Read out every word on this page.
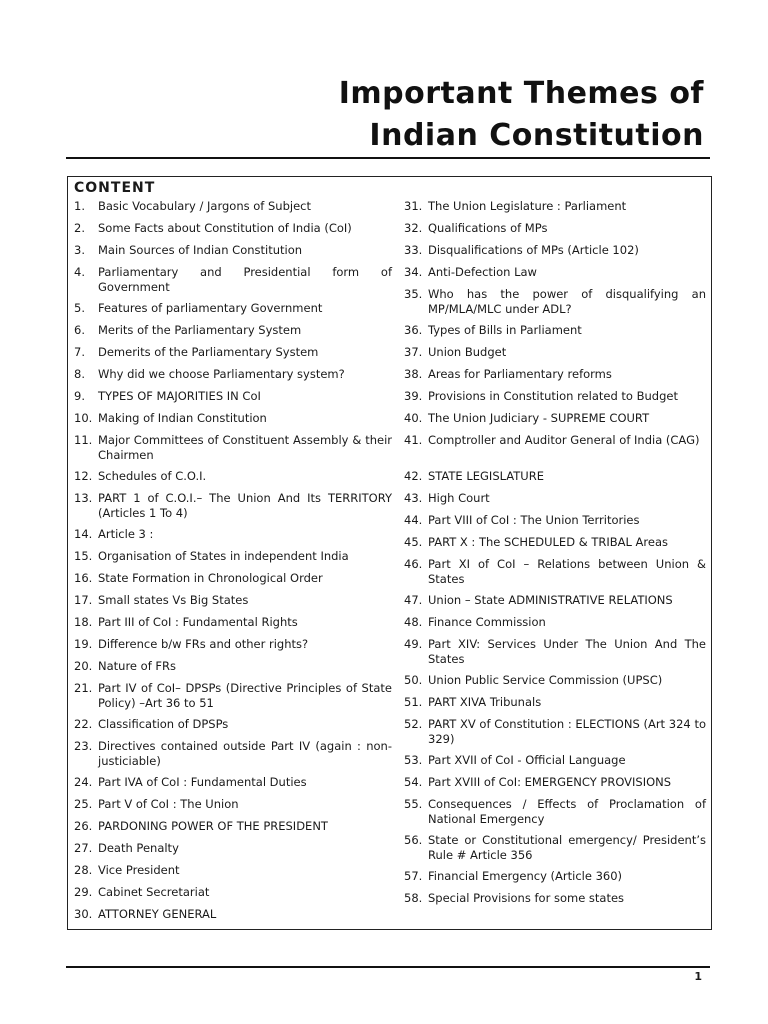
Important Themes of
Indian Constitution
CONTENT
1.	Basic Vocabulary / Jargons of Subject
2.	Some Facts about Constitution of India (CoI)
3.	Main Sources of Indian Constitution
4.	Parliamentary and Presidential form of Government
5.	Features of parliamentary Government
6.	Merits of the Parliamentary System
7.	Demerits of the Parliamentary System
8.	Why did we choose Parliamentary system?
9.	TYPES OF MAJORITIES IN CoI
10. Making of Indian Constitution
11. Major Committees of Constituent Assembly & their Chairmen
12. Schedules of C.O.I.
13. PART 1 of C.O.I.– The Union And Its TERRITORY (Articles 1 To 4)
14. Article 3 :
15. Organisation of States in independent India
16. State Formation in Chronological Order
17. Small states Vs Big States
18. Part III of CoI : Fundamental Rights
19. Difference b/w FRs and other rights?
20. Nature of FRs
21. Part IV of CoI– DPSPs (Directive Principles of State Policy) –Art 36 to 51
22. Classification of DPSPs
23. Directives contained outside Part IV (again : non-justiciable)
24. Part IVA of CoI : Fundamental Duties
25. Part V of CoI : The Union
26. PARDONING POWER OF THE PRESIDENT
27. Death Penalty
28. Vice President
29. Cabinet Secretariat
30. ATTORNEY GENERAL
31. The Union Legislature : Parliament
32. Qualifications of MPs
33. Disqualifications of MPs (Article 102)
34. Anti-Defection Law
35. Who has the power of disqualifying an MP/MLA/MLC under ADL?
36. Types of Bills in Parliament
37. Union Budget
38. Areas for Parliamentary reforms
39. Provisions in Constitution related to Budget
40. The Union Judiciary - SUPREME COURT
41. Comptroller and Auditor General of India (CAG)
42. STATE LEGISLATURE
43. High Court
44. Part VIII of CoI : The Union Territories
45. PART X : The SCHEDULED & TRIBAL Areas
46. Part XI of CoI – Relations between Union & States
47. Union – State ADMINISTRATIVE RELATIONS
48. Finance Commission
49. Part XIV: Services Under The Union And The States
50. Union Public Service Commission (UPSC)
51. PART XIVA Tribunals
52. PART XV of Constitution : ELECTIONS (Art 324 to 329)
53. Part XVII of CoI - Official Language
54. Part XVIII of CoI: EMERGENCY PROVISIONS
55. Consequences / Effects of Proclamation of National Emergency
56. State or Constitutional emergency/ President’s Rule # Article 356
57. Financial Emergency (Article 360)
58. Special Provisions for some states
1
